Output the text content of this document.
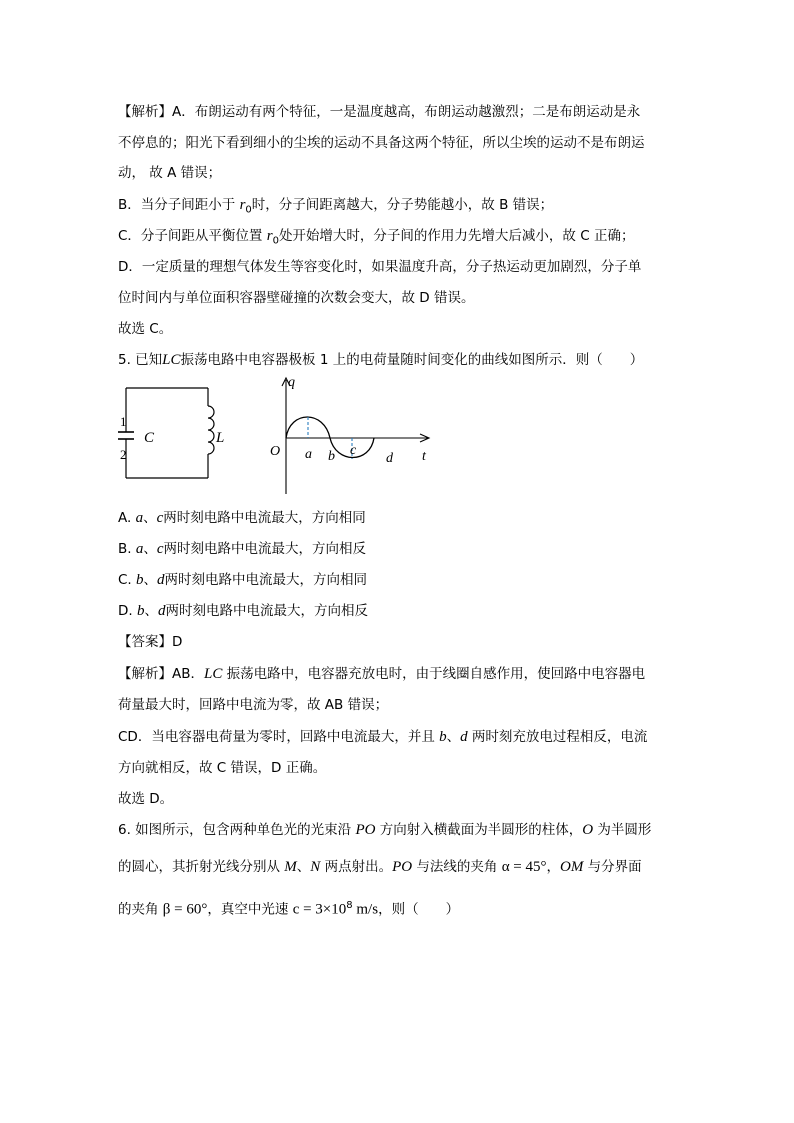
【解析】A．布朗运动有两个特征，一是温度越高，布朗运动越激烈；二是布朗运动是永
不停息的；阳光下看到细小的尘埃的运动不具备这两个特征，所以尘埃的运动不是布朗运
动， 故 A 错误；
B．当分子间距小于 $r_0$时，分子间距离越大，分子势能越小，故 B 错误；
C．分子间距从平衡位置 $r_0$处开始增大时，分子间的作用力先增大后减小，故 C 正确；
D．一定质量的理想气体发生等容变化时，如果温度升高，分子热运动更加剧烈，分子单
位时间内与单位面积容器壁碰撞的次数会变大，故 D 错误。
故选 C。
5. 已知LC振荡电路中电容器极板 1 上的电荷量随时间变化的曲线如图所示．则（　　）
1
2
C	L
q
t
O a b c
d
A. a、c两时刻电路中电流最大，方向相同
B. a、c两时刻电路中电流最大，方向相反
C. b、d两时刻电路中电流最大，方向相同
D. b、d两时刻电路中电流最大，方向相反
【答案】D
【解析】AB．LC 振荡电路中，电容器充放电时，由于线圈自感作用，使回路中电容器电
荷量最大时，回路中电流为零，故 AB 错误；
CD．当电容器电荷量为零时，回路中电流最大，并且 b、d 两时刻充放电过程相反，电流
方向就相反，故 C 错误，D 正确。
故选 D。
6. 如图所示，包含两种单色光的光束沿 PO 方向射入横截面为半圆形的柱体，O 为半圆形
的圆心，其折射光线分别从 M、N 两点射出。PO 与法线的夹角 α = 45°，OM 与分界面
的夹角 β = 60°，真空中光速 $c = 3\times 10^8$ m/s，则（　　）
